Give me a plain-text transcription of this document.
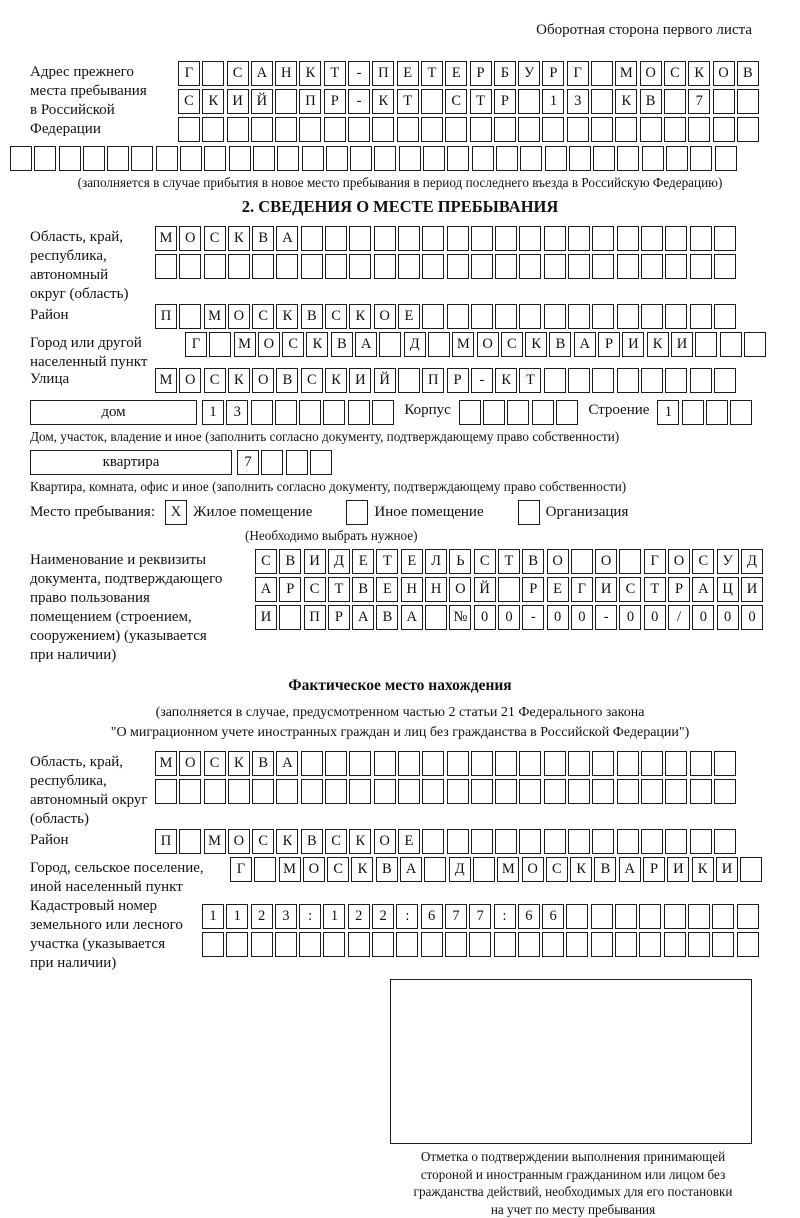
Оборотная сторона первого листа
Адрес прежнего
места пребывания
в Российской
Федерации
Г	С А Н К	Т	-	П	Е	Т	Е	Р	Б	У	Р	Г	М О С	К О В
С	К И Й	П	Р	-	К	Т	С	Т	Р	1	3	К	В	7
(заполняется в случае прибытия в новое место пребывания в период последнего въезда в Российскую Федерацию)
2. СВЕДЕНИЯ О МЕСТЕ ПРЕБЫВАНИЯ
Область, край,
республика,
автономный
округ (область)
М О С	К	В А
Район	П	М О С	К	В	С	К О	Е
Город или другой
населенный пункт
Г	М О С	К	В А	Д	М О С	К	В А	Р	И К И
Улица	М О С	К О В	С	К И Й	П	Р	-	К	Т
дом	1	3	Корпус	Строение	1
Дом, участок, владение и иное (заполнить согласно документу, подтверждающему право собственности)
квартира	7
Квартира, комната, офис и иное (заполнить согласно документу, подтверждающему право собственности)
Место пребывания:	X Жилое помещение	Иное помещение	Организация
(Необходимо выбрать нужное)
Наименование и реквизиты
документа, подтверждающего
право пользования
помещением (строением,
сооружением) (указывается
при наличии)
С	В И Д	Е	Т	Е	Л	Ь	С	Т	В О	О	Г	О С У Д
А	Р	С	Т	В	Е	Н Н О Й	Р	Е	Г	И С	Т	Р	А Ц И
И	П	Р	А В А	№ 0	0	-	0	0	-	0	0	/	0	0	0
Фактическое место нахождения
(заполняется в случае, предусмотренном частью 2 статьи 21 Федерального закона
"О миграционном учете иностранных граждан и лиц без гражданства в Российской Федерации")
Область, край,
республика,
автономный округ
(область)
М О С	К	В А
Район	П	М О С	К	В	С	К О	Е
Город, сельское поселение,
иной населенный пункт
Г	М О С	К	В А	Д	М О С	К	В А	Р	И К И
Кадастровый номер
земельного или лесного
участка (указывается
при наличии)
1	1	2	3	:	1	2	2	:	6	7	7	:	6	6
Отметка о подтверждении выполнения принимающей
стороной и иностранным гражданином или лицом без
гражданства действий, необходимых для его постановки
на учет по месту пребывания
